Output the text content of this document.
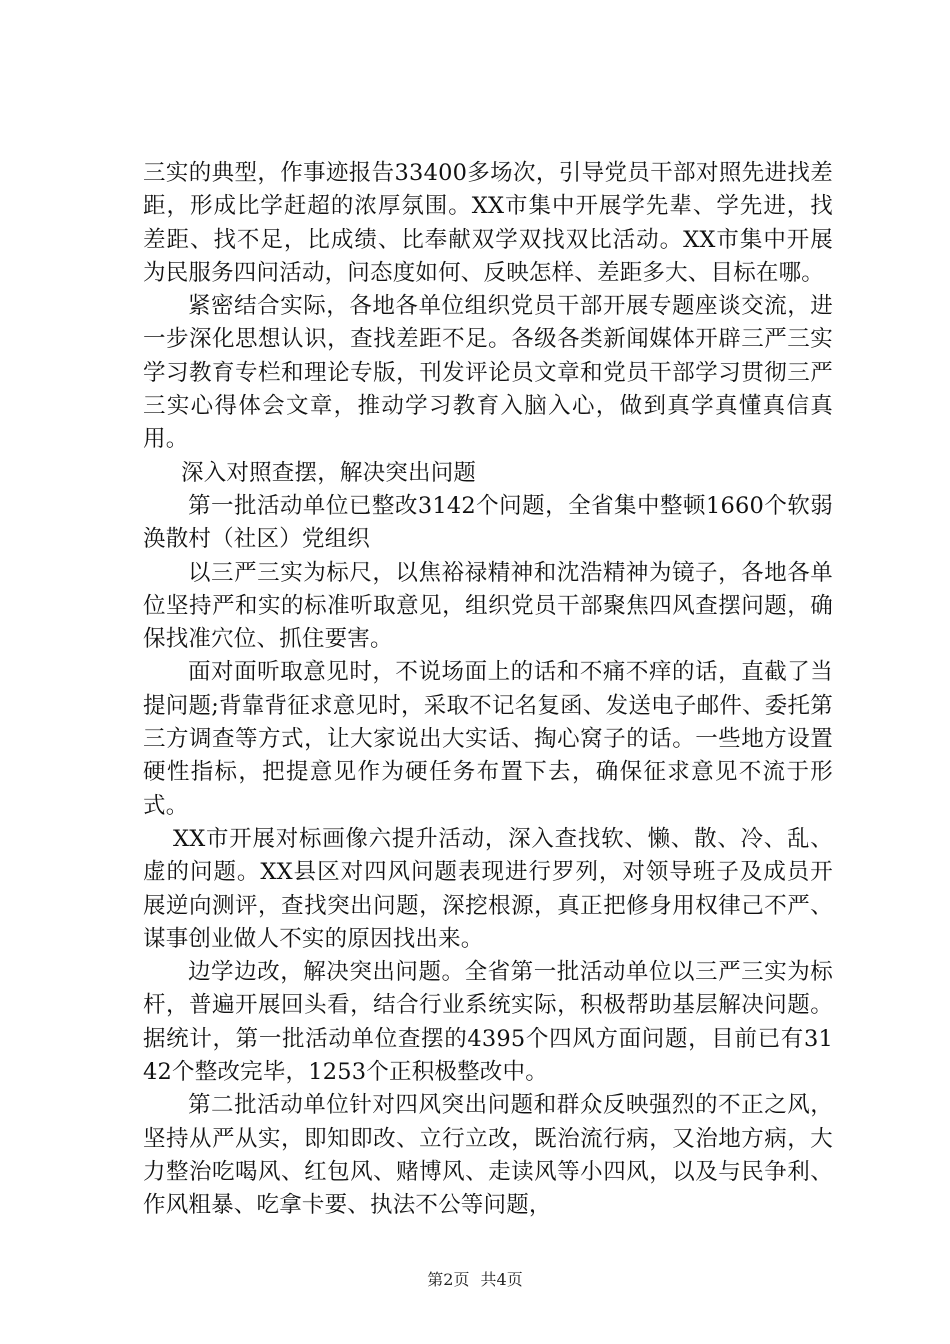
三实的典型，作事迹报告33400多场次，引导党员干部对照先进找差距，形成比学赶超的浓厚氛围。XX市集中开展学先辈、学先进，找差距、找不足，比成绩、比奉献双学双找双比活动。XX市集中开展为民服务四问活动，问态度如何、反映怎样、差距多大、目标在哪。

紧密结合实际，各地各单位组织党员干部开展专题座谈交流，进一步深化思想认识，查找差距不足。各级各类新闻媒体开辟三严三实学习教育专栏和理论专版，刊发评论员文章和党员干部学习贯彻三严三实心得体会文章，推动学习教育入脑入心，做到真学真懂真信真用。

深入对照查摆，解决突出问题

第一批活动单位已整改3142个问题，全省集中整顿1660个软弱涣散村（社区）党组织

以三严三实为标尺，以焦裕禄精神和沈浩精神为镜子，各地各单位坚持严和实的标准听取意见，组织党员干部聚焦四风查摆问题，确保找准穴位、抓住要害。

面对面听取意见时，不说场面上的话和不痛不痒的话，直截了当提问题;背靠背征求意见时，采取不记名复函、发送电子邮件、委托第三方调查等方式，让大家说出大实话、掏心窝子的话。一些地方设置硬性指标，把提意见作为硬任务布置下去，确保征求意见不流于形式。

XX市开展对标画像六提升活动，深入查找软、懒、散、冷、乱、虚的问题。XX县区对四风问题表现进行罗列，对领导班子及成员开展逆向测评，查找突出问题，深挖根源，真正把修身用权律己不严、谋事创业做人不实的原因找出来。

边学边改，解决突出问题。全省第一批活动单位以三严三实为标杆，普遍开展回头看，结合行业系统实际，积极帮助基层解决问题。据统计，第一批活动单位查摆的4395个四风方面问题，目前已有3142个整改完毕，1253个正积极整改中。

第二批活动单位针对四风突出问题和群众反映强烈的不正之风，坚持从严从实，即知即改、立行立改，既治流行病，又治地方病，大力整治吃喝风、红包风、赌博风、走读风等小四风，以及与民争利、作风粗暴、吃拿卡要、执法不公等问题，

第2页 共4页
